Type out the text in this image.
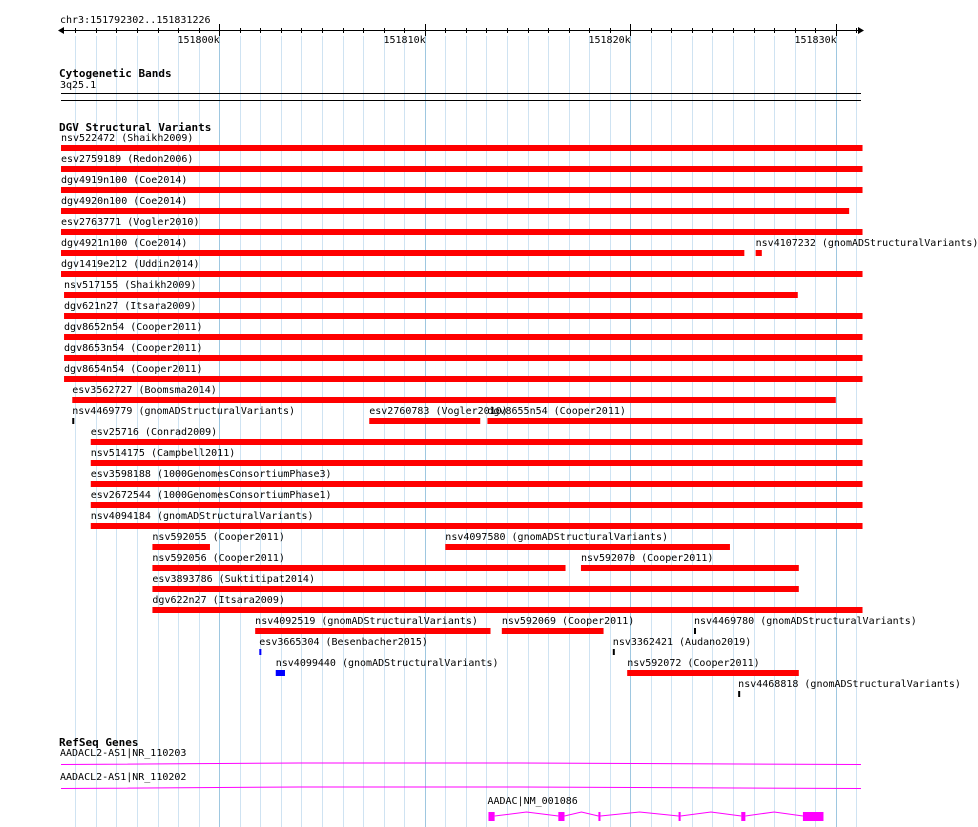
chr3:151792302..151831226
Cytogenetic Bands
3q25.1
DGV Structural Variants
RefSeq Genes
151800k	151810k	151820k	151830k
nsv522472 (Shaikh2009)
esv2759189 (Redon2006)
dgv4919n100 (Coe2014)
dgv4920n100 (Coe2014)
esv2763771 (Vogler2010)
dgv4921n100 (Coe2014)	nsv4107232 (gnomADStructuralVariants)
dgv1419e212 (Uddin2014)
nsv517155 (Shaikh2009)
dgv621n27 (Itsara2009)
dgv8652n54 (Cooper2011)
dgv8653n54 (Cooper2011)
dgv8654n54 (Cooper2011)
esv3562727 (Boomsma2014)
nsv4469779 (gnomADStructuralVariants)	esv2760783 (Vogler2010)
dgv8655n54 (Cooper2011)
esv25716 (Conrad2009)
nsv514175 (Campbell2011)
esv3598188 (1000GenomesConsortiumPhase3)
esv2672544 (1000GenomesConsortiumPhase1)
nsv4094184 (gnomADStructuralVariants)
nsv592055 (Cooper2011)	nsv4097580 (gnomADStructuralVariants)
nsv592056 (Cooper2011)	nsv592070 (Cooper2011)
esv3893786 (Suktitipat2014)
dgv622n27 (Itsara2009)
nsv4092519 (gnomADStructuralVariants) nsv592069 (Cooper2011)	nsv4469780 (gnomADStructuralVariants)
esv3665304 (Besenbacher2015)	nsv3362421 (Audano2019)
nsv4099440 (gnomADStructuralVariants)	nsv592072 (Cooper2011)
nsv4468818 (gnomADStructuralVariants)
AADACL2-AS1|NR_110203
AADACL2-AS1|NR_110202
AADAC|NM_001086
